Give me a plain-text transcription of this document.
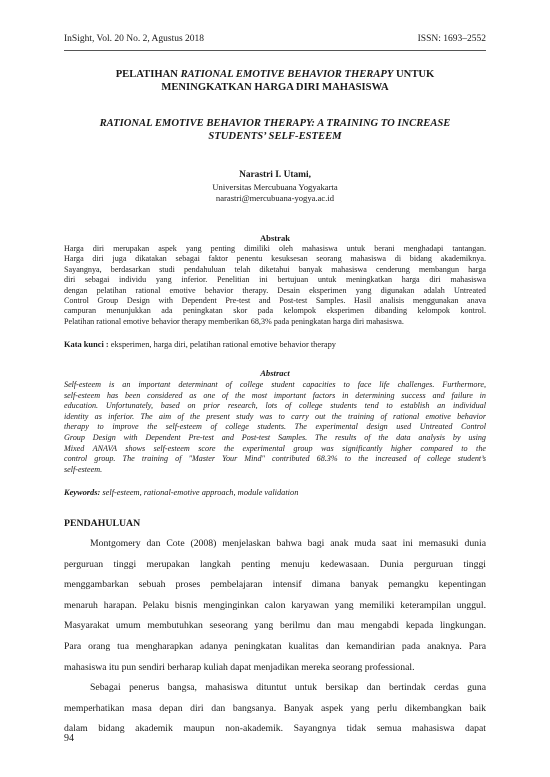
InSight, Vol. 20 No. 2, Agustus 2018	ISSN: 1693–2552
PELATIHAN RATIONAL EMOTIVE BEHAVIOR THERAPY UNTUK
MENINGKATKAN HARGA DIRI MAHASISWA
RATIONAL EMOTIVE BEHAVIOR THERAPY: A TRAINING TO INCREASE
STUDENTS’ SELF-ESTEEM
Narastri I. Utami,
Universitas Mercubuana Yogyakarta
narastri@mercubuana-yogya.ac.id
Abstrak
Harga diri merupakan aspek yang penting dimiliki oleh mahasiswa untuk berani menghadapi tantangan.
Harga diri juga dikatakan sebagai faktor penentu kesuksesan seorang mahasiswa di bidang akademiknya.
Sayangnya, berdasarkan studi pendahuluan telah diketahui banyak mahasiswa cenderung membangun harga
diri sebagai individu yang inferior. Penelitian ini bertujuan untuk meningkatkan harga diri mahasiswa
dengan pelatihan rational emotive behavior therapy. Desain eksperimen yang digunakan adalah Untreated
Control Group Design with Dependent Pre-test and Post-test Samples. Hasil analisis menggunakan anava
campuran menunjukkan ada peningkatan skor pada kelompok eksperimen dibanding kelompok kontrol.
Pelatihan rational emotive behavior therapy memberikan 68,3% pada peningkatan harga diri mahasiswa.
Kata kunci : eksperimen, harga diri, pelatihan rational emotive behavior therapy
Abstract
Self-esteem is an important determinant of college student capacities to face life challenges. Furthermore,
self-esteem has been considered as one of the most important factors in determining success and failure in
education. Unfortunately, based on prior research, lots of college students tend to establish an individual
identity as inferior. The aim of the present study was to carry out the training of rational emotive behavior
therapy to improve the self-esteem of college students. The experimental design used Untreated Control
Group Design with Dependent Pre-test and Post-test Samples. The results of the data analysis by using
Mixed ANAVA shows self-esteem score the experimental group was significantly higher compared to the
control group. The training of "Master Your Mind" contributed 68.3% to the increased of college student’s
self-esteem.
Keywords: self-esteem, rational-emotive approach, module validation
PENDAHULUAN
Montgomery dan Cote (2008) menjelaskan bahwa bagi anak muda saat ini memasuki dunia
perguruan tinggi merupakan langkah penting menuju kedewasaan. Dunia perguruan tinggi
menggambarkan sebuah proses pembelajaran intensif dimana banyak pemangku kepentingan
menaruh harapan. Pelaku bisnis menginginkan calon karyawan yang memiliki keterampilan unggul.
Masyarakat umum membutuhkan seseorang yang berilmu dan mau mengabdi kepada lingkungan.
Para orang tua mengharapkan adanya peningkatan kualitas dan kemandirian pada anaknya. Para
mahasiswa itu pun sendiri berharap kuliah dapat menjadikan mereka seorang professional.
Sebagai penerus bangsa, mahasiswa dituntut untuk bersikap dan bertindak cerdas guna
memperhatikan masa depan diri dan bangsanya. Banyak aspek yang perlu dikembangkan baik
dalam bidang akademik maupun non-akademik. Sayangnya tidak semua mahasiswa dapat
94
